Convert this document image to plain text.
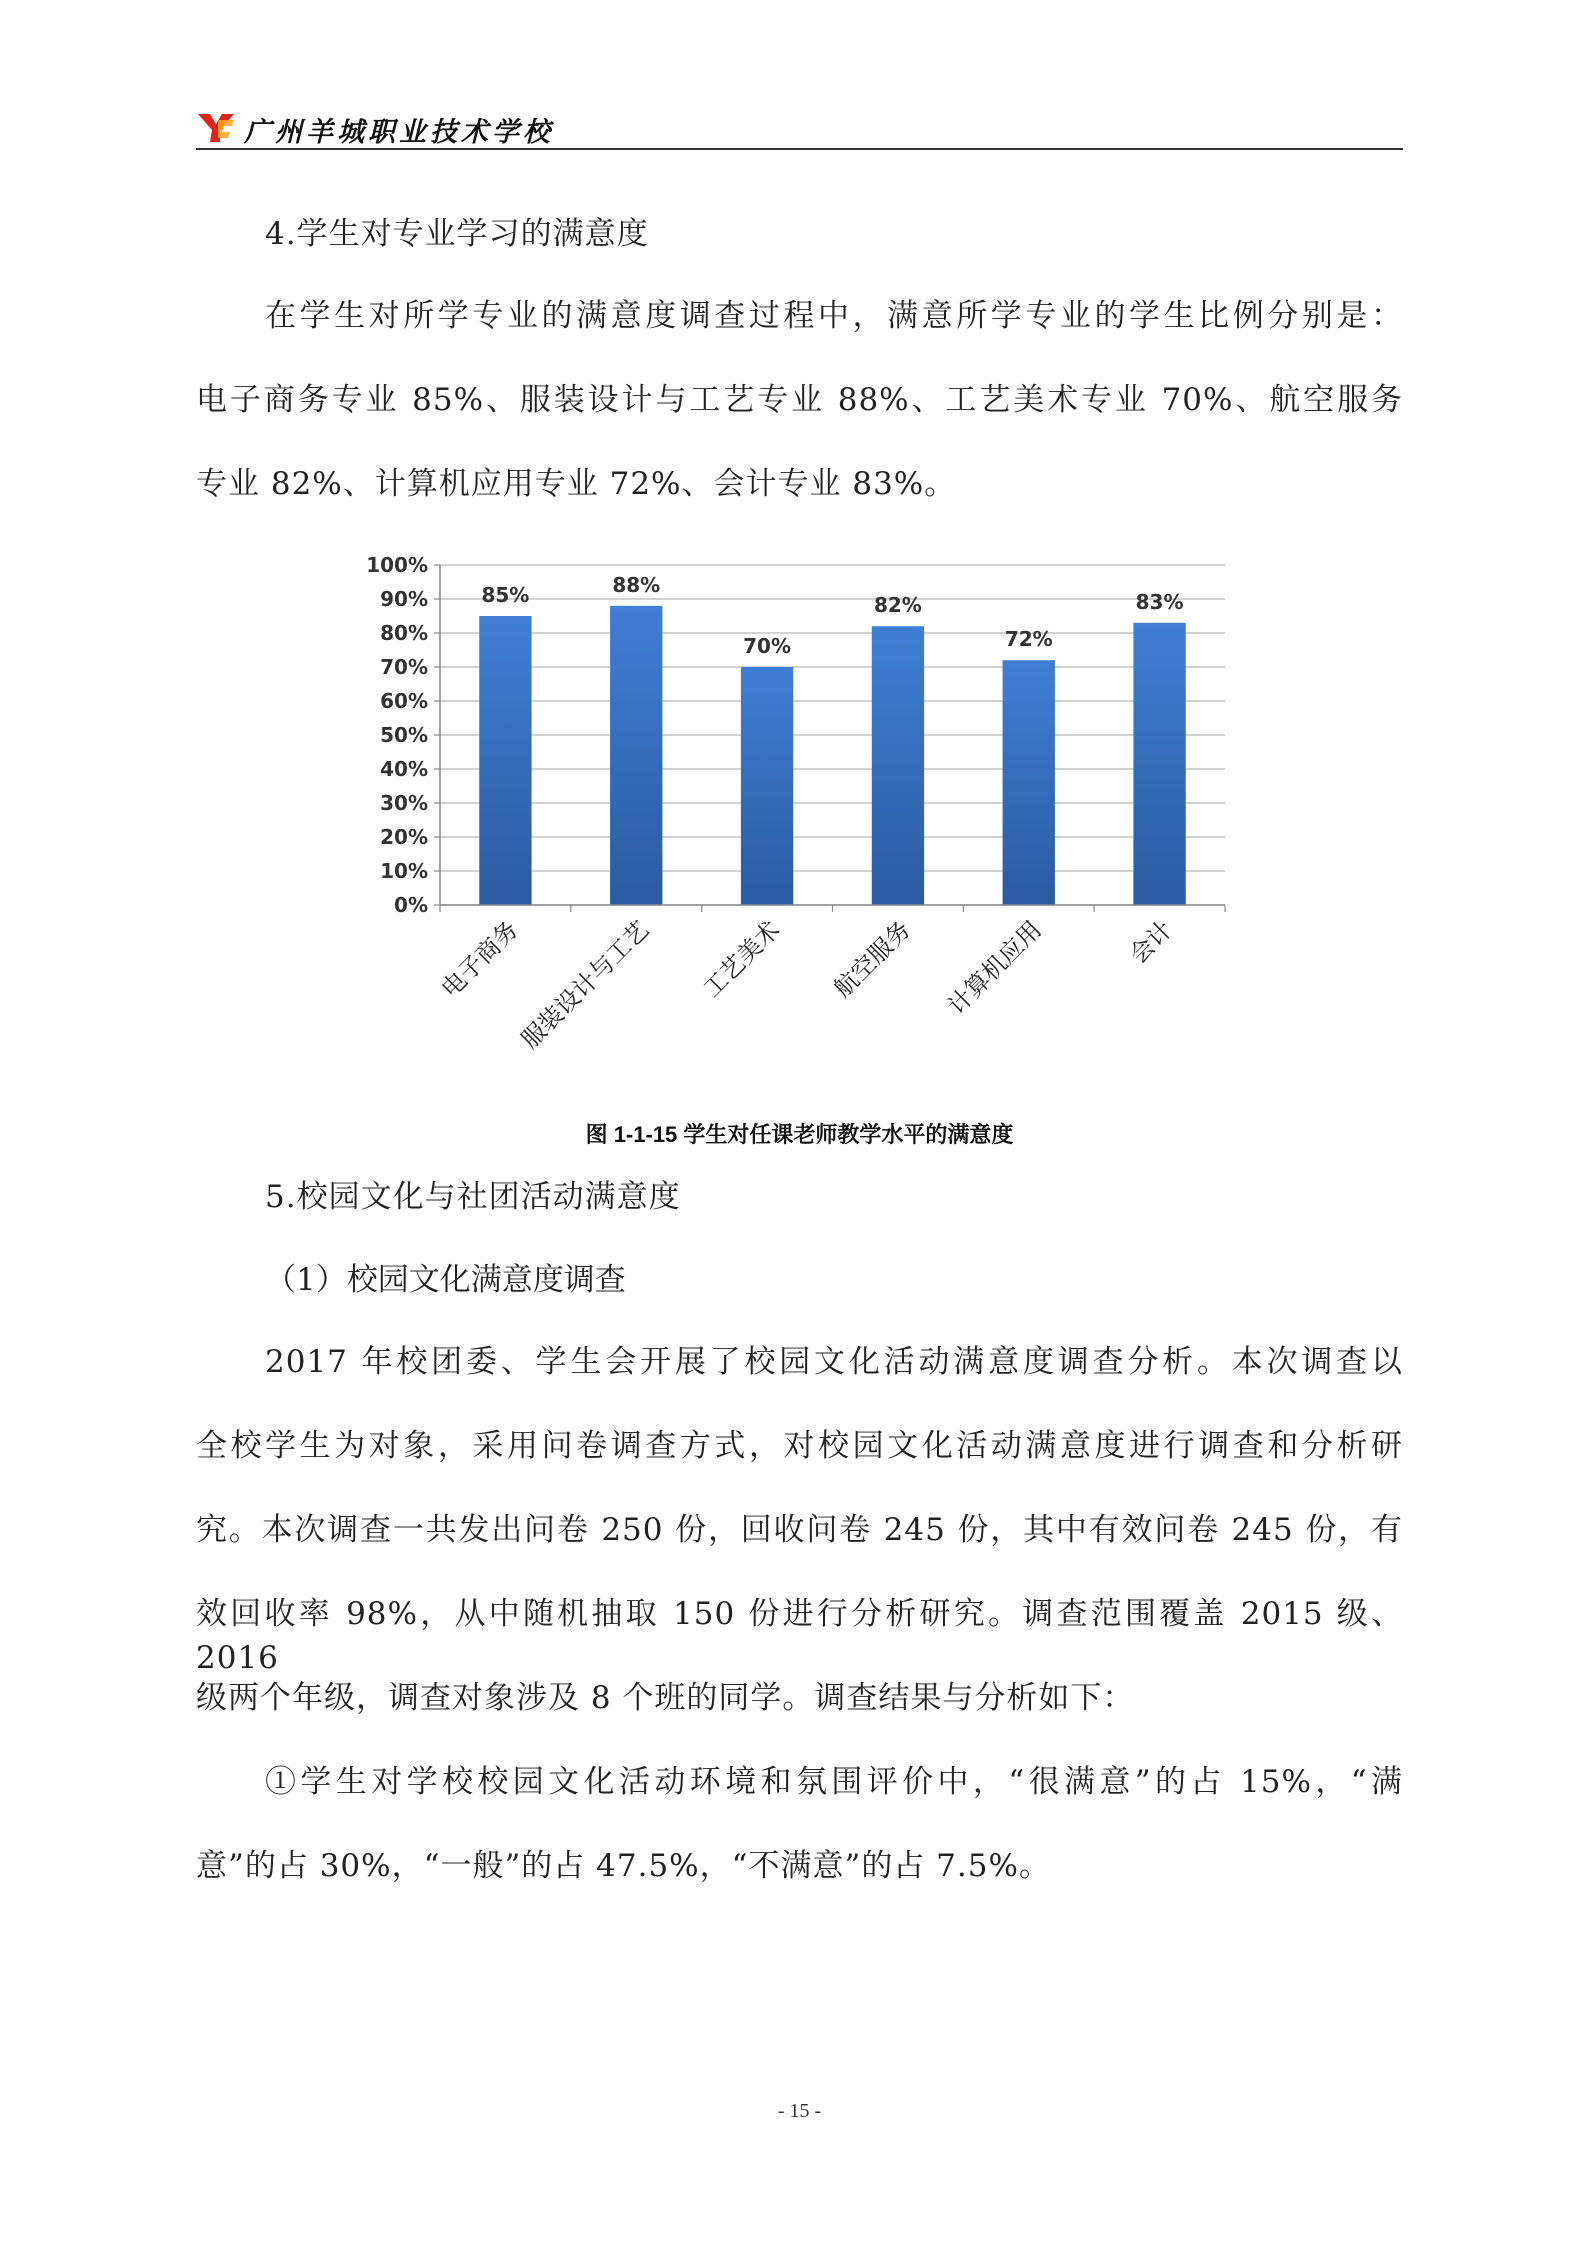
广州羊城职业技术学校
4.学生对专业学习的满意度
在学生对所学专业的满意度调查过程中，满意所学专业的学生比例分别是：
电子商务专业 85%、服装设计与工艺专业 88%、工艺美术专业 70%、航空服务
专业 82%、计算机应用专业 72%、会计专业 83%。
0%
10%
20%
30%
40%
50%
60%
70%
80%
90%
100%
85%
电子商务
88%
服装设计与工艺
70%
工艺美术
82%
航空服务
72%
计算机应用
83%
会计
图 1-1-15 学生对任课老师教学水平的满意度
5.校园文化与社团活动满意度
（1）校园文化满意度调查
2017 年校团委、学生会开展了校园文化活动满意度调查分析。本次调查以
全校学生为对象，采用问卷调查方式，对校园文化活动满意度进行调查和分析研
究。本次调查一共发出问卷 250 份，回收问卷 245 份，其中有效问卷 245 份，有
效回收率 98%，从中随机抽取 150 份进行分析研究。调查范围覆盖 2015 级、2016
级两个年级，调查对象涉及 8 个班的同学。调查结果与分析如下：
①学生对学校校园文化活动环境和氛围评价中，“很满意”的占 15%，“满
意”的占 30%，“一般”的占 47.5%，“不满意”的占 7.5%。
- 15 -
